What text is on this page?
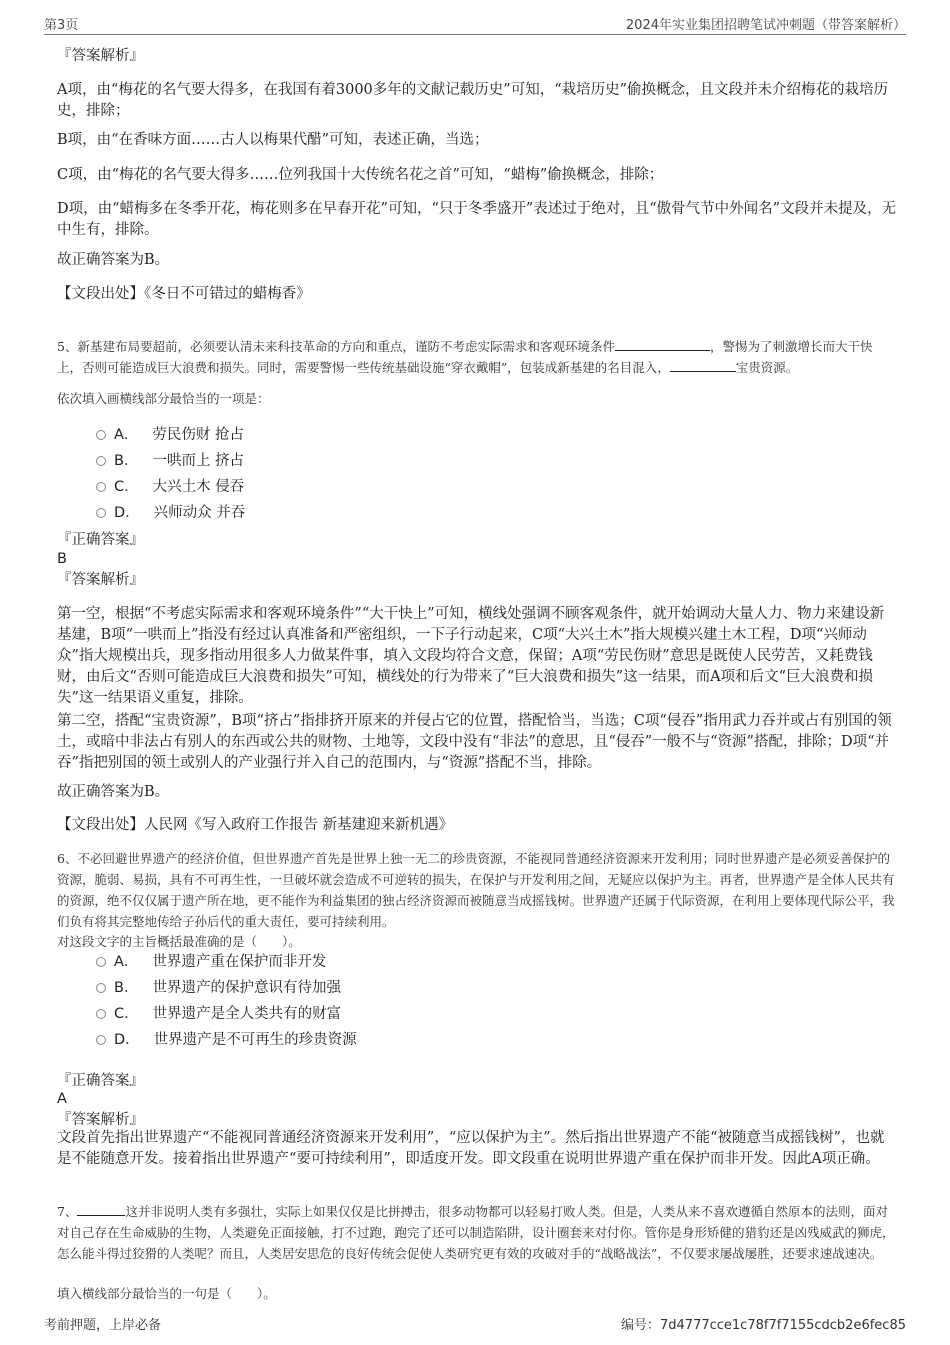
第3页	2024年实业集团招聘笔试冲刺题（带答案解析）
『答案解析』
A项，由“梅花的名气要大得多，在我国有着3000多年的文献记载历史”可知，“栽培历史”偷换概念，且文段并未介绍梅花的栽培历史，排除；
B项，由“在香味方面……古人以梅果代醋”可知，表述正确，当选；
C项，由“梅花的名气要大得多……位列我国十大传统名花之首”可知，“蜡梅”偷换概念，排除；
D项，由“蜡梅多在冬季开花，梅花则多在早春开花”可知，“只于冬季盛开”表述过于绝对，且“傲骨气节中外闻名”文段并未提及，无中生有，排除。
故正确答案为B。
【文段出处】《冬日不可错过的蜡梅香》
5、新基建布局要超前，必须要认清未来科技革命的方向和重点，谨防不考虑实际需求和客观环境条件	，警惕为了刺激增长而大干快上，否则可能造成巨大浪费和损失。同时，需要警惕一些传统基础设施“穿衣戴帽”，包装成新基建的名目混入，	宝贵资源。
依次填入画横线部分最恰当的一项是：
A． 劳民伤财 抢占
B． 一哄而上 挤占
C． 大兴土木 侵吞
D． 兴师动众 并吞
『正确答案』
B
『答案解析』
第一空，根据“不考虑实际需求和客观环境条件”“大干快上”可知，横线处强调不顾客观条件，就开始调动大量人力、物力来建设新基建，B项“一哄而上”指没有经过认真准备和严密组织，一下子行动起来，C项“大兴土木”指大规模兴建土木工程，D项“兴师动众”指大规模出兵，现多指动用很多人力做某件事，填入文段均符合文意，保留；A项“劳民伤财”意思是既使人民劳苦，又耗费钱财，由后文“否则可能造成巨大浪费和损失”可知，横线处的行为带来了“巨大浪费和损失”这一结果，而A项和后文“巨大浪费和损失”这一结果语义重复，排除。
第二空，搭配“宝贵资源”，B项“挤占”指排挤开原来的并侵占它的位置，搭配恰当，当选；C项“侵吞”指用武力吞并或占有别国的领土，或暗中非法占有别人的东西或公共的财物、土地等，文段中没有“非法”的意思，且“侵吞”一般不与“资源”搭配，排除；D项“并吞”指把别国的领土或别人的产业强行并入自己的范围内，与“资源”搭配不当，排除。
故正确答案为B。
【文段出处】人民网《写入政府工作报告 新基建迎来新机遇》
6、不必回避世界遗产的经济价值，但世界遗产首先是世界上独一无二的珍贵资源，不能视同普通经济资源来开发利用；同时世界遗产是必须妥善保护的资源，脆弱、易损，具有不可再生性，一旦破坏就会造成不可逆转的损失，在保护与开发利用之间，无疑应以保护为主。再者，世界遗产是全体人民共有的资源，绝不仅仅属于遗产所在地，更不能作为利益集团的独占经济资源而被随意当成摇钱树。世界遗产还属于代际资源，在利用上要体现代际公平，我们负有将其完整地传给子孙后代的重大责任，要可持续利用。
对这段文字的主旨概括最准确的是（　　）。
A． 世界遗产重在保护而非开发
B． 世界遗产的保护意识有待加强
C． 世界遗产是全人类共有的财富
D． 世界遗产是不可再生的珍贵资源
『正确答案』
A
『答案解析』
文段首先指出世界遗产“不能视同普通经济资源来开发利用”，“应以保护为主”。然后指出世界遗产不能“被随意当成摇钱树”，也就是不能随意开发。接着指出世界遗产“要可持续利用”，即适度开发。即文段重在说明世界遗产重在保护而非开发。因此A项正确。
7、	这并非说明人类有多强壮，实际上如果仅仅是比拼搏击，很多动物都可以轻易打败人类。但是，人类从来不喜欢遵循自然原本的法则，面对对自己存在生命威胁的生物，人类避免正面接触，打不过跑，跑完了还可以制造陷阱，设计圈套来对付你。管你是身形矫健的猎豹还是凶残威武的狮虎，怎么能斗得过狡猾的人类呢？而且，人类居安思危的良好传统会促使人类研究更有效的攻破对手的“战略战法”，不仅要求屡战屡胜，还要求速战速决。
填入横线部分最恰当的一句是（　　）。
考前押题，上岸必备	编号：7d4777cce1c78f7f7155cdcb2e6fec85
